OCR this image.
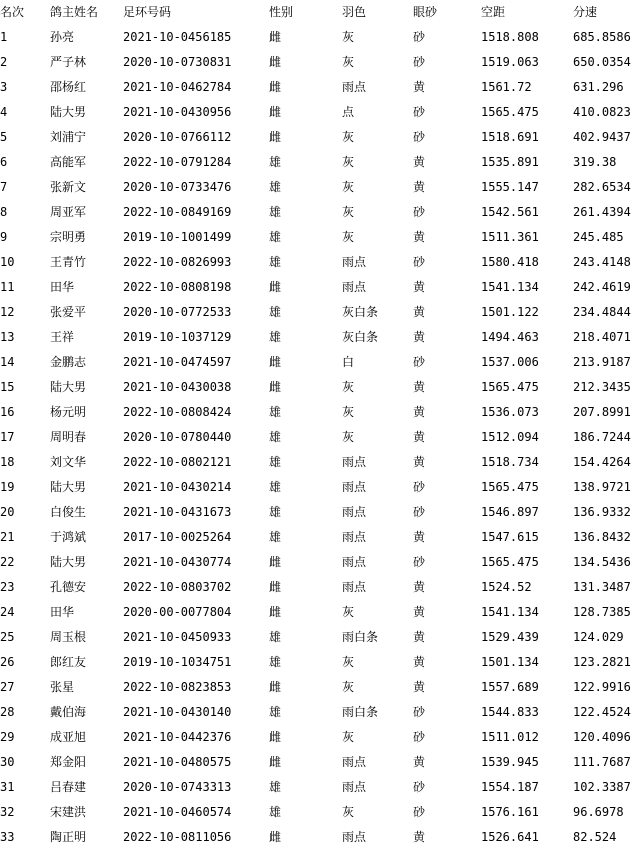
名次	鸽主姓名	足环号码	性别	羽色	眼砂	空距	分速
1	孙亮	2021-10-0456185	雌	灰	砂	1518.808	685.8586
2	严子林	2020-10-0730831	雌	灰	砂	1519.063	650.0354
3	邵杨红	2021-10-0462784	雌	雨点	黄	1561.72	631.296
4	陆大男	2021-10-0430956	雌	点	砂	1565.475	410.0823
5	刘浦宁	2020-10-0766112	雌	灰	砂	1518.691	402.9437
6	高能军	2022-10-0791284	雄	灰	黄	1535.891	319.38
7	张新文	2020-10-0733476	雄	灰	黄	1555.147	282.6534
8	周亚军	2022-10-0849169	雄	灰	砂	1542.561	261.4394
9	宗明勇	2019-10-1001499	雄	灰	黄	1511.361	245.485
10	王青竹	2022-10-0826993	雄	雨点	砂	1580.418	243.4148
11	田华	2022-10-0808198	雌	雨点	黄	1541.134	242.4619
12	张爱平	2020-10-0772533	雄	灰白条	黄	1501.122	234.4844
13	王祥	2019-10-1037129	雄	灰白条	黄	1494.463	218.4071
14	金鹏志	2021-10-0474597	雌	白	砂	1537.006	213.9187
15	陆大男	2021-10-0430038	雌	灰	黄	1565.475	212.3435
16	杨元明	2022-10-0808424	雄	灰	黄	1536.073	207.8991
17	周明春	2020-10-0780440	雄	灰	黄	1512.094	186.7244
18	刘文华	2022-10-0802121	雄	雨点	黄	1518.734	154.4264
19	陆大男	2021-10-0430214	雄	雨点	砂	1565.475	138.9721
20	白俊生	2021-10-0431673	雄	雨点	砂	1546.897	136.9332
21	于鸿斌	2017-10-0025264	雄	雨点	黄	1547.615	136.8432
22	陆大男	2021-10-0430774	雌	雨点	砂	1565.475	134.5436
23	孔德安	2022-10-0803702	雌	雨点	黄	1524.52	131.3487
24	田华	2020-00-0077804	雌	灰	黄	1541.134	128.7385
25	周玉根	2021-10-0450933	雄	雨白条	黄	1529.439	124.029
26	郎红友	2019-10-1034751	雄	灰	黄	1501.134	123.2821
27	张星	2022-10-0823853	雌	灰	黄	1557.689	122.9916
28	戴伯海	2021-10-0430140	雄	雨白条	砂	1544.833	122.4524
29	成亚旭	2021-10-0442376	雌	灰	砂	1511.012	120.4096
30	郑金阳	2021-10-0480575	雌	雨点	黄	1539.945	111.7687
31	吕春建	2020-10-0743313	雄	雨点	砂	1554.187	102.3387
32	宋建洪	2021-10-0460574	雄	灰	砂	1576.161	96.6978
33	陶正明	2022-10-0811056	雌	雨点	黄	1526.641	82.524
